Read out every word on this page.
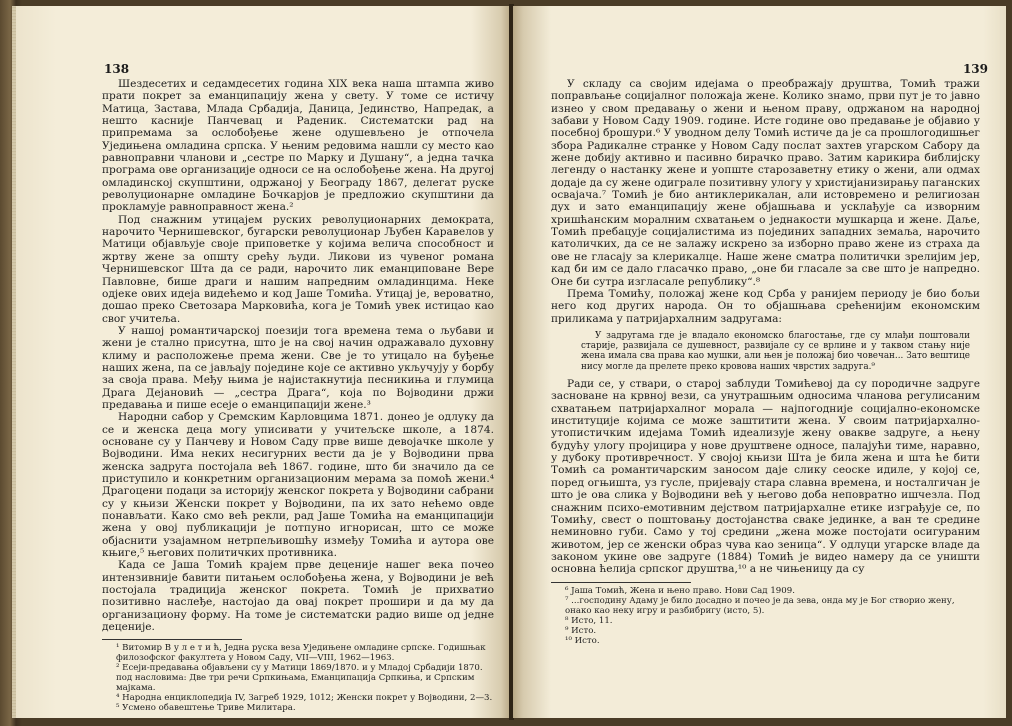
138

Шездесетих и седамдесетих година XIX века наша штампа живо прати покрет за еманципацију жена у свету. У томе се истичу Матица, Застава, Млада Србадија, Даница, Јединство, Напредак, а нешто касније Панчевац и Раденик. Систематски рад на припремама за ослобођење жене одушевљено је отпочела Уједињена омладина српска. У њеним редовима нашли су место као равноправни чланови и „сестре по Марку и Душану“, а једна тачка програма ове организације односи се на ослобођење жена. На другој омладинској скупштини, одржаној у Београду 1867, делегат руске револуционарне омладине Бочкарјов је предложио скупштини да прокламује равноправност жена.²

Под снажним утицајем руских револуционарних демократа, нарочито Чернишевског, бугарски револуционар Љубен Каравелов у Матици објављује своје приповетке у којима велича способност и жртву жене за општу срећу људи. Ликови из чувеног романа Чернишевског Шта да се ради, нарочито лик еманциповане Вере Павловне, бише драги и нашим напредним омладинцима. Неке одјеке ових идеја видећемо и код Јаше Томића. Утицај је, вероватно, дошао преко Светозара Марковића, кога је Томић увек истицао као свог учитеља.

У нашој романтичарској поезији тога времена тема о љубави и жени је стално присутна, што је на свој начин одражавало духовну климу и расположење према жени. Све је то утицало на буђење нашиx жена, па се јављају поједине које се активно укључују у борбу за своја права. Међу њима је најистакнутија песникиња и глумица Драга Дејановић — „сестра Драга“, која по Војводини држи предавања и пише есеје о еманципацији жене.³

Народни сабор у Сремским Карловцима 1871. донео је одлуку да се и женска деца могу уписивати у учитељске школе, а 1874. основане су у Панчеву и Новом Саду прве више девојачке школе у Војводини. Има неких несигурних вести да је у Војводини прва женска задруга постојала већ 1867. године, што би значило да се приступило и конкретним организационим мерама за помоћ жени.⁴ Драгоцени подаци за историју женског покрета у Војводини сабрани су у књизи Женски покрет у Војводини, па их зато нећемо овде понављати. Како смо већ рекли, рад Јаше Томића на еманципацији жена у овој публикацији је потпуно игнорисан, што се може објаснити узајамном нетрпељивошћу између Томића и аутора ове књиге,⁵ његових политичких противника.

Када се Јаша Томић крајем прве деценије нашег века почео интензивније бавити питањем ослобођења жена, у Војводини је већ постојала традиција женског покрета. Томић је прихватио позитивно наслеђе, настојао да овај покрет прошири и да му да организациону форму. На томе је систематски радио више од једне деценије.

¹ Витомир В у л е т и ћ, Једна руска веза Уједињене омладине српске. Годишњак филозофског факултета у Новом Саду, VII—VIII, 1962—1963.

² Есеји-предавања објављени су у Матици 1869/1870. и у Младој Србадији 1870. под насловима: Две три речи Српкињама, Еманципација Српкиња, и Српским мајкама.

⁴ Народна енциклопедија IV, Загреб 1929, 1012; Женски покрет у Војводини, 2—3.

⁵ Усмено обавештење Триве Милитара.

139

У складу са својим идејама о преображају друштва, Томић тражи поправљање социјалног положаја жене. Колико знамо, први пут је то јавно изнео у свом предавању о жени и њеном праву, одржаном на народној забави у Новом Саду 1909. године. Исте године ово предавање је објавио у посебној брошури.⁶ У уводном делу Томић истиче да је са прошлогодишњег збора Радикалне странке у Новом Саду послат захтев угарском Сабору да жене добију активно и пасивно бирачко право. Затим карикира библијску легенду о настанку жене и уопште старозаветну етику о жени, али одмах додаје да су жене одиграле позитивну улогу у христијанизирању паганских освајача.⁷ Томић је био антиклерикалан, али истовремено и религиозан дух и зато еманципацију жене објашњава и усклађује са изворним хришћанским моралним схватањем о једнакости мушкарца и жене. Даље, Томић пребацује социјалистима из појединих западних земаља, нарочито католичких, да се не залажу искрено за изборно право жене из страха да ове не гласају за клерикалце. Наше жене сматра политички зрелијим јер, кад би им се дало гласачко право, „оне би гласале за све што је напредно. Оне би сутра изгласале републику“.⁸

Према Томићу, положај жене код Срба у ранијем периоду је био бољи него код других народа. Он то објашњава срећенијим економским приликама у патријархалним задругама:

У задругама где је владало економско благостање, где су млађи поштовали старије, развијала се душевност, развијале су се врлине и у таквом стању није жена имала сва права као мушки, али њен је положај био човечан... Зато вештице нису могле да прелете преко кровова наших чврстих задруга.⁹

Ради се, у ствари, о старој заблуди Томићевој да су породичне задруге засноване на крвној вези, са унутрашњим односима чланова регулисаним схватањем патријархалног морала — најпогодније социјално-економске институције којима се може заштитити жена. У своим патријархално-утопистичким идејама Томић идеализује жену овакве задруге, а њену будућу улогу пројицира у нове друштвене односе, палајући тиме, наравно, у дубоку противречност. У својој књизи Шта је била жена и шта ће бити Томић са романтичарским заносом даје слику сеоске идиле, у којој се, поред огњишта, уз гусле, пријевају стара славна времена, и носталгичан је што је ова слика у Војводини већ у његово доба неповратно ишчезла. Под снажним психо-емотивним дејством патријархалне етике изграђује се, по Томићу, свест о поштовању достојанства сваке јединке, а ван те средине неминовно губи. Само у тој средини „жена може постојати осигураним животом, јер се женски образ чува као зеница“. У одлуци угарске владе да законом укине ове задруге (1884) Томић је видео намеру да се уништи основна ћелија српског друштва,¹⁰ а не чињеницу да су

⁶ Јаша Томић, Жена и њено право. Нови Сад 1909.

⁷ ...господину Адаму је било досадно и почео је да зева, онда му је Бог створио жену, онако као неку игру и разбибригу (исто, 5).

⁸ Исто, 11.

⁹ Исто.

¹⁰ Исто.
